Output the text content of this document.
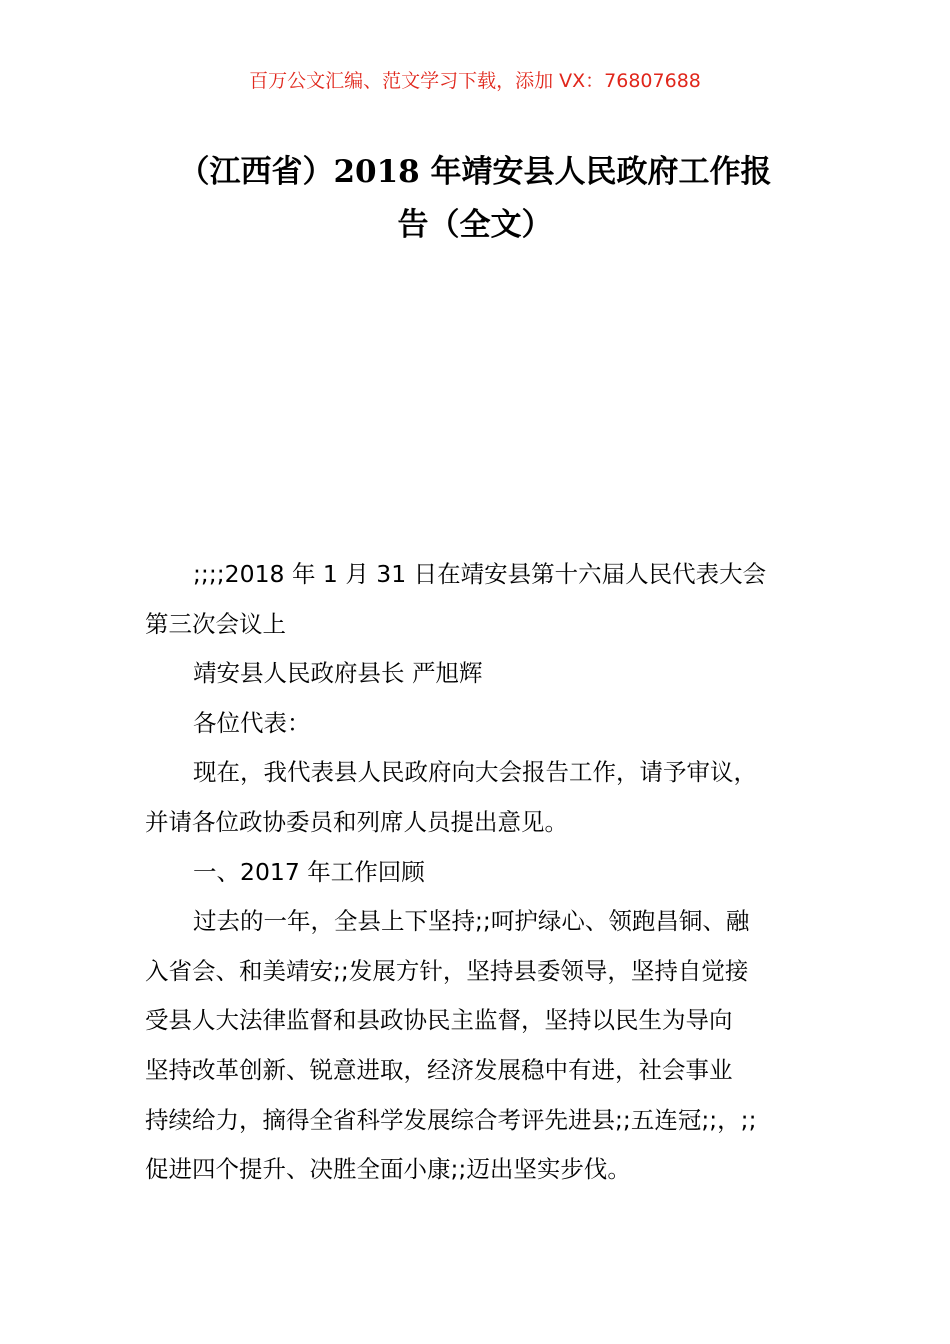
百万公文汇编、范文学习下载，添加 VX：76807688
（江西省）2018 年靖安县人民政府工作报
告（全文）
;;;;2018 年 1 月 31 日在靖安县第十六届人民代表大会
第三次会议上
靖安县人民政府县长 严旭辉
各位代表：
现在，我代表县人民政府向大会报告工作，请予审议，
并请各位政协委员和列席人员提出意见。
一、2017 年工作回顾
过去的一年，全县上下坚持;;呵护绿心、领跑昌铜、融
入省会、和美靖安;;发展方针，坚持县委领导，坚持自觉接
受县人大法律监督和县政协民主监督，坚持以民生为导向
坚持改革创新、锐意进取，经济发展稳中有进，社会事业
持续给力，摘得全省科学发展综合考评先进县;;五连冠;;，;;
促进四个提升、决胜全面小康;;迈出坚实步伐。
